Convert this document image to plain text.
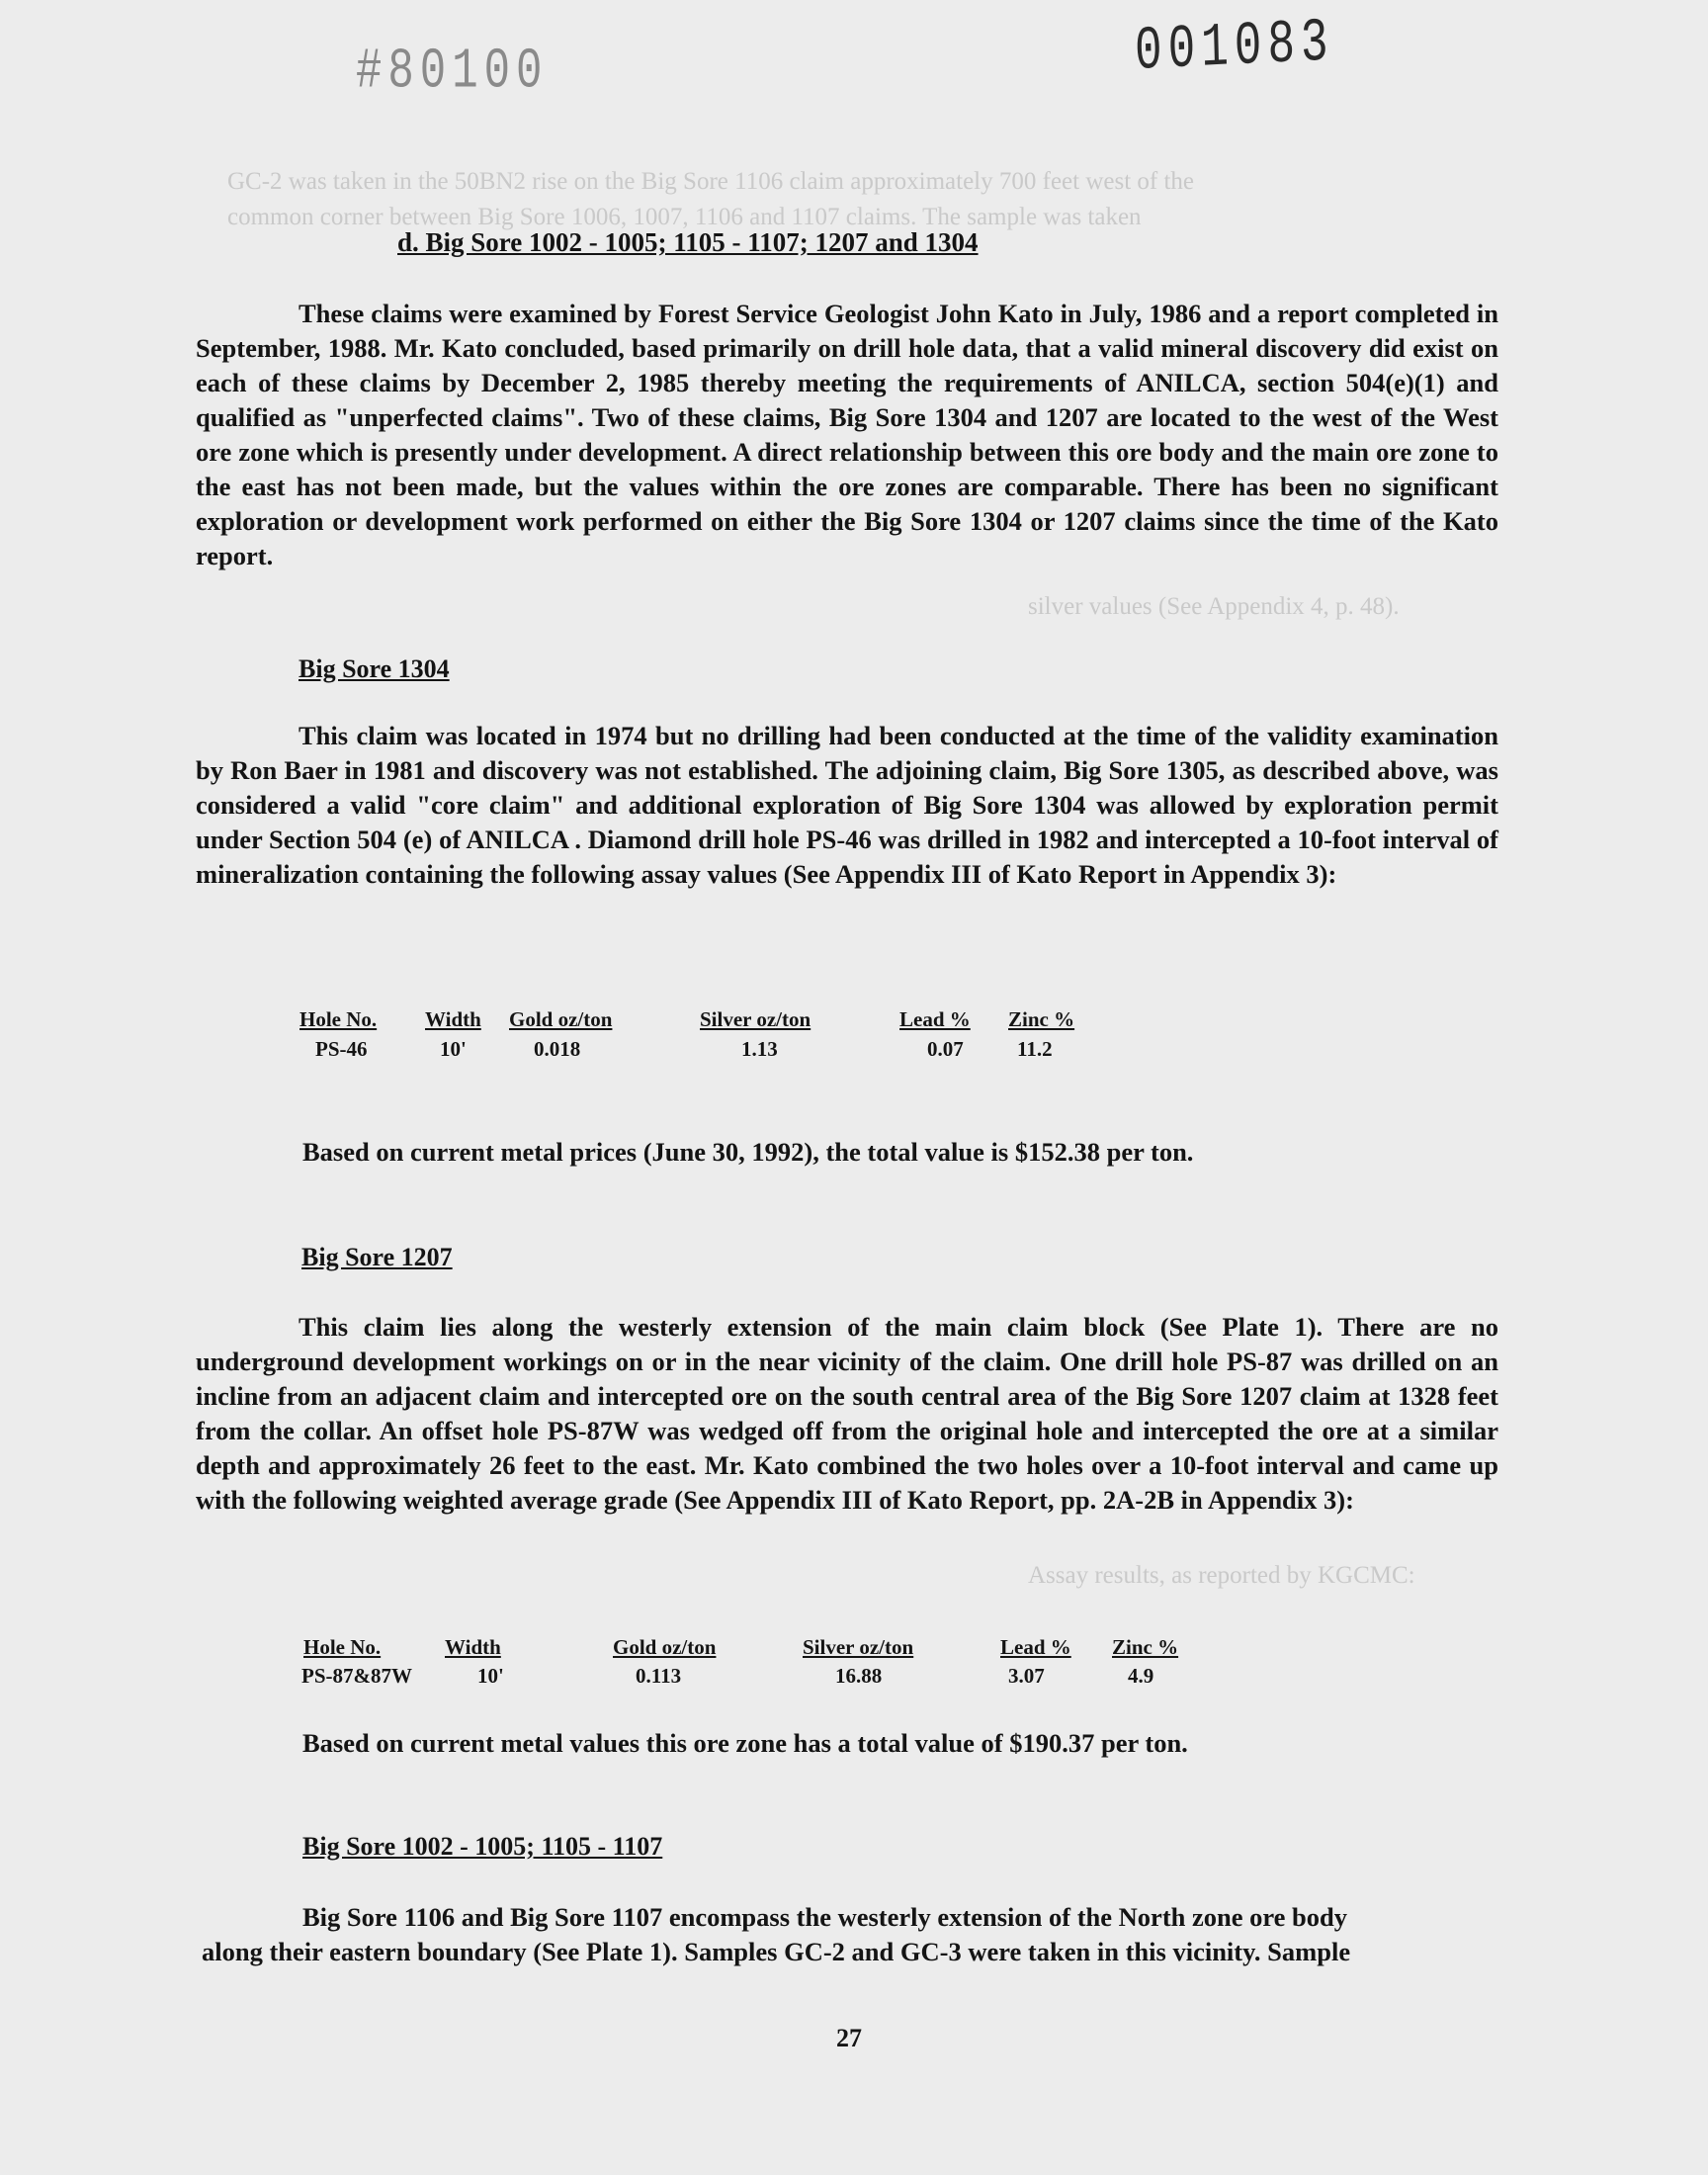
GC-2 was taken in the 50BN2 rise on the Big Sore 1106 claim approximately 700 feet west of the
common corner between Big Sore 1006, 1007, 1106 and 1107 claims. The sample was taken
silver values (See Appendix 4, p. 48).
Assay results, as reported by KGCMC:
#80100	001083
d. Big Sore 1002 - 1005; 1105 - 1107; 1207 and 1304
These claims were examined by Forest Service Geologist John Kato in July, 1986 and a report completed in September, 1988. Mr. Kato concluded, based primarily on drill hole data, that a valid mineral discovery did exist on each of these claims by December 2, 1985 thereby meeting the requirements of ANILCA, section 504(e)(1) and qualified as "unperfected claims". Two of these claims, Big Sore 1304 and 1207 are located to the west of the West ore zone which is presently under development. A direct relationship between this ore body and the main ore zone to the east has not been made, but the values within the ore zones are comparable. There has been no significant exploration or development work performed on either the Big Sore 1304 or 1207 claims since the time of the Kato report.
Big Sore 1304
This claim was located in 1974 but no drilling had been conducted at the time of the validity examination by Ron Baer in 1981 and discovery was not established. The adjoining claim, Big Sore 1305, as described above, was considered a valid "core claim" and additional exploration of Big Sore 1304 was allowed by exploration permit under Section 504 (e) of ANILCA . Diamond drill hole PS-46 was drilled in 1982 and intercepted a 10-foot interval of mineralization containing the following assay values (See Appendix III of Kato Report in Appendix 3):
Hole No. Width Gold oz/ton	Silver oz/ton	Lead % Zinc %
PS-46	10'	0.018	1.13	0.07	11.2
Based on current metal prices (June 30, 1992), the total value is $152.38 per ton.
Big Sore 1207
This claim lies along the westerly extension of the main claim block (See Plate 1). There are no underground development workings on or in the near vicinity of the claim. One drill hole PS-87 was drilled on an incline from an adjacent claim and intercepted ore on the south central area of the Big Sore 1207 claim at 1328 feet from the collar. An offset hole PS-87W was wedged off from the original hole and intercepted the ore at a similar depth and approximately 26 feet to the east. Mr. Kato combined the two holes over a 10-foot interval and came up with the following weighted average grade (See Appendix III of Kato Report, pp. 2A-2B in Appendix 3):
Hole No.	Width	Gold oz/ton	Silver oz/ton	Lead % Zinc %
PS-87&87W	10'	0.113	16.88	3.07	4.9
Based on current metal values this ore zone has a total value of $190.37 per ton.
Big Sore 1002 - 1005; 1105 - 1107
Big Sore 1106 and Big Sore 1107 encompass the westerly extension of the North zone ore body
along their eastern boundary (See Plate 1). Samples GC-2 and GC-3 were taken in this vicinity. Sample
27
